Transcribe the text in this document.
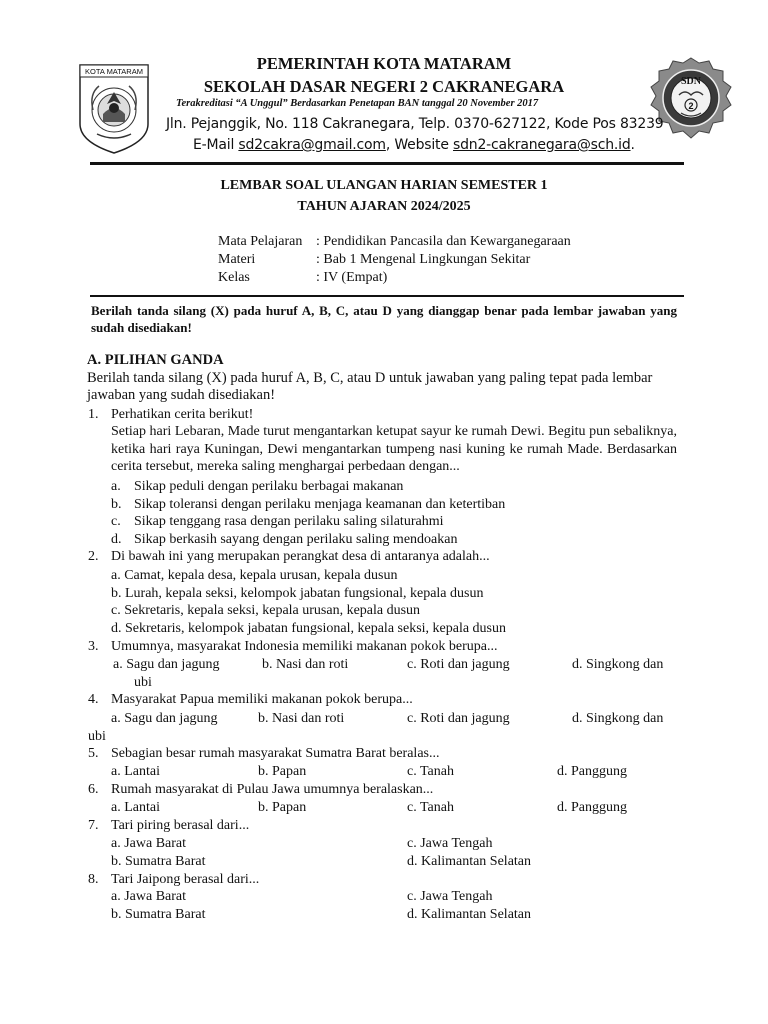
KOTA MATARAM
SDN
2
PEMERINTAH KOTA MATARAM
SEKOLAH DASAR NEGERI 2 CAKRANEGARA
Terakreditasi “A Unggul” Berdasarkan Penetapan BAN tanggal 20 November 2017
Jln. Pejanggik, No. 118 Cakranegara, Telp. 0370-627122, Kode Pos 83239
E-Mail sd2cakra@gmail.com, Website sdn2-cakranegara@sch.id.
LEMBAR SOAL ULANGAN HARIAN SEMESTER 1
TAHUN AJARAN 2024/2025
Mata Pelajaran : Pendidikan Pancasila dan Kewarganegaraan
Materi	: Bab 1 Mengenal Lingkungan Sekitar
Kelas	: IV (Empat)
Berilah tanda silang (X) pada huruf A, B, C, atau D yang dianggap benar pada lembar jawaban yang sudah disediakan!
A. PILIHAN GANDA
Berilah tanda silang (X) pada huruf A, B, C, atau D untuk jawaban yang paling tepat pada lembar
jawaban yang sudah disediakan!
1. Perhatikan cerita berikut!
Setiap hari Lebaran, Made turut mengantarkan ketupat sayur ke rumah Dewi. Begitu pun sebaliknya, ketika hari raya Kuningan, Dewi mengantarkan tumpeng nasi kuning ke rumah Made. Berdasarkan cerita tersebut, mereka saling menghargai perbedaan dengan...
a. Sikap peduli dengan perilaku berbagai makanan
b. Sikap toleransi dengan perilaku menjaga keamanan dan ketertiban
c. Sikap tenggang rasa dengan perilaku saling silaturahmi
d. Sikap berkasih sayang dengan perilaku saling mendoakan
2. Di bawah ini yang merupakan perangkat desa di antaranya adalah...
a. Camat, kepala desa, kepala urusan, kepala dusun
b. Lurah, kepala seksi, kelompok jabatan fungsional, kepala dusun
c. Sekretaris, kepala seksi, kepala urusan, kepala dusun
d. Sekretaris, kelompok jabatan fungsional, kepala seksi, kepala dusun
3. Umumnya, masyarakat Indonesia memiliki makanan pokok berupa...
a. Sagu dan jagung	b. Nasi dan roti	c. Roti dan jagung	d. Singkong dan
ubi
4. Masyarakat Papua memiliki makanan pokok berupa...
a. Sagu dan jagung	b. Nasi dan roti	c. Roti dan jagung	d. Singkong dan
ubi
5. Sebagian besar rumah masyarakat Sumatra Barat beralas...
a. Lantai	b. Papan	c. Tanah	d. Panggung
6. Rumah masyarakat di Pulau Jawa umumnya beralaskan...
a. Lantai	b. Papan	c. Tanah	d. Panggung
7. Tari piring berasal dari...
a. Jawa Barat	c. Jawa Tengah
b. Sumatra Barat	d. Kalimantan Selatan
8. Tari Jaipong berasal dari...
a. Jawa Barat	c. Jawa Tengah
b. Sumatra Barat	d. Kalimantan Selatan
